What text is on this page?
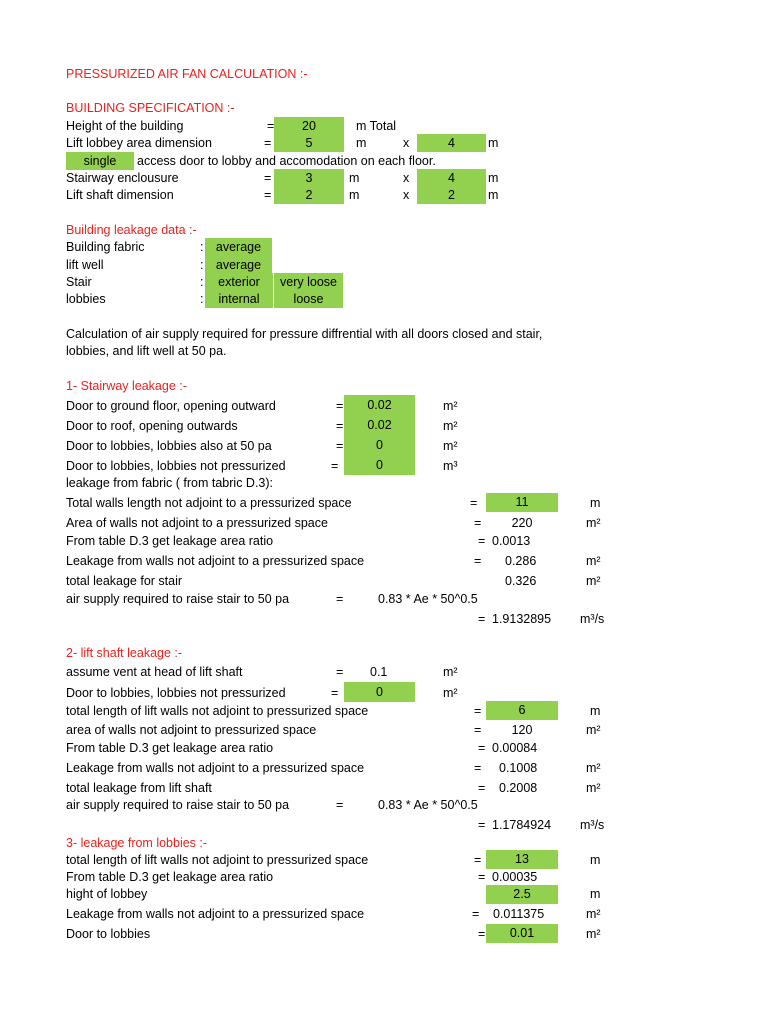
PRESSURIZED AIR FAN CALCULATION :-
BUILDING SPECIFICATION :-
Height of the building	=	20	m Total
Lift lobbey area dimension	=	5	m	x	4	m
single	access door to lobby and accomodation on each floor.
Stairway enclousure	=	3	m	x	4	m
Lift shaft dimension	=	2	m	x	2	m
Building leakage data :-
Building fabric	: average
lift well	: average
Stair	:	exterior	very loose
lobbies	:	internal	loose
Calculation of air supply required for pressure diffrential with all doors closed and stair,
lobbies, and lift well at 50 pa.
1- Stairway leakage :-
Door to ground floor, opening outward	=	0.02	m²
Door to roof, opening outwards	=	0.02	m²
Door to lobbies, lobbies also at 50 pa	=	0	m²
Door to lobbies, lobbies not pressurized	=	0	m³
leakage from fabric ( from tabric D.3):
Total walls length not adjoint to a pressurized space	=	11	m
Area of walls not adjoint to a pressurized space	=	220	m²
From table D.3 get leakage area ratio	= 0.0013
Leakage from walls not adjoint to a pressurized space	= 0.286	m²
total leakage for stair	0.326	m²
air supply required to raise stair to 50 pa	=	0.83 * Ae * 50^0.5
= 1.9132895 m³/s
2- lift shaft leakage :-
assume vent at head of lift shaft	= 0.1	m²
Door to lobbies, lobbies not pressurized	=	0	m²
total length of lift walls not adjoint to pressurized space	=	6	m
area of walls not adjoint to pressurized space	=	120	m²
From table D.3 get leakage area ratio	= 0.00084
Leakage from walls not adjoint to a pressurized space	= 0.1008	m²
total leakage from lift shaft	= 0.2008	m²
air supply required to raise stair to 50 pa	=	0.83 * Ae * 50^0.5
= 1.1784924 m³/s
3- leakage from lobbies :-
total length of lift walls not adjoint to pressurized space	=	13	m
From table D.3 get leakage area ratio	= 0.00035
hight of lobbey	2.5	m
Leakage from walls not adjoint to a pressurized space	= 0.011375	m²
Door to lobbies	=	0.01	m²
